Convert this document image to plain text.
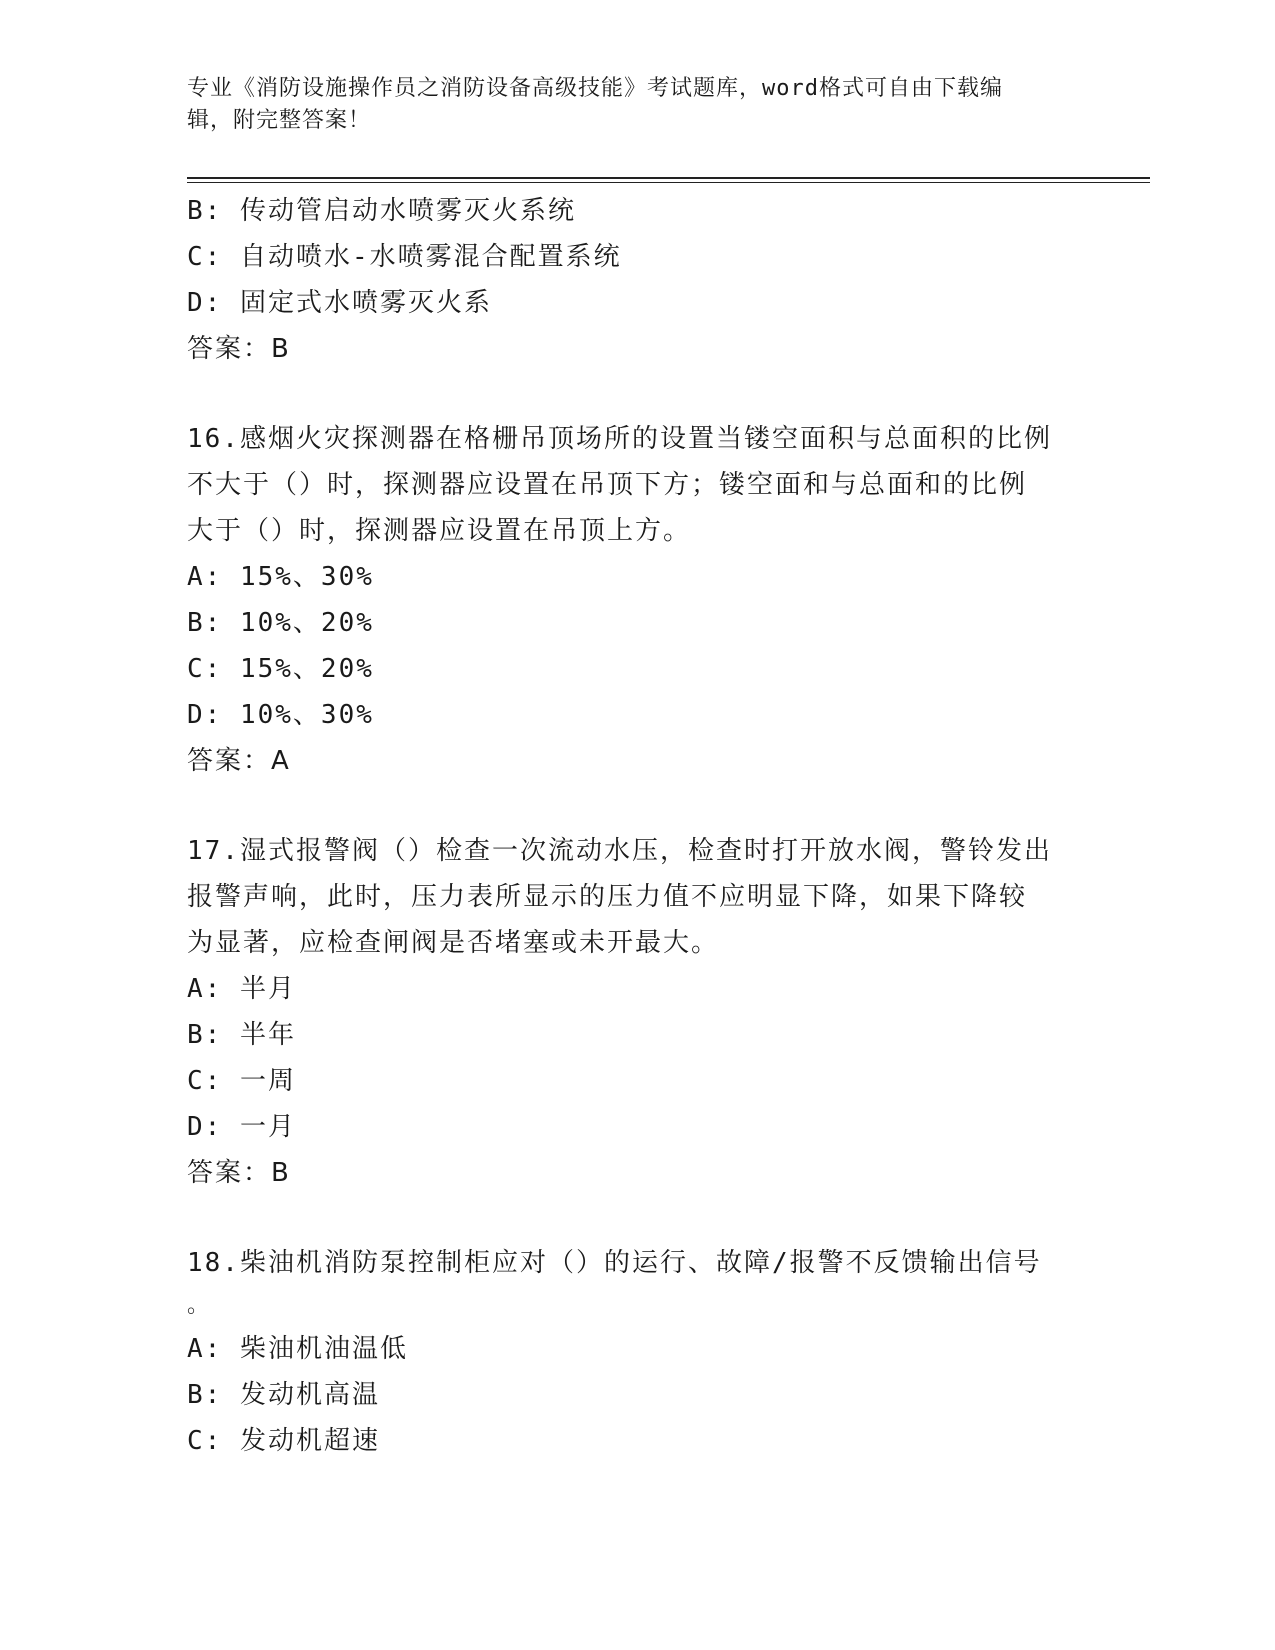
专业《消防设施操作员之消防设备高级技能》考试题库，word格式可自由下载编
辑，附完整答案！
B: 传动管启动水喷雾灭火系统
C: 自动喷水-水喷雾混合配置系统
D: 固定式水喷雾灭火系
答案：B
16.感烟火灾探测器在格栅吊顶场所的设置当镂空面积与总面积的比例
不大于（）时，探测器应设置在吊顶下方；镂空面和与总面和的比例
大于（）时，探测器应设置在吊顶上方。
A: 15%、30%
B: 10%、20%
C: 15%、20%
D: 10%、30%
答案：A
17.湿式报警阀（）检查一次流动水压，检查时打开放水阀，警铃发出
报警声响，此时，压力表所显示的压力值不应明显下降，如果下降较
为显著，应检查闸阀是否堵塞或未开最大。
A: 半月
B: 半年
C: 一周
D: 一月
答案：B
18.柴油机消防泵控制柜应对（）的运行、故障/报警不反馈输出信号
。
A: 柴油机油温低
B: 发动机高温
C: 发动机超速
